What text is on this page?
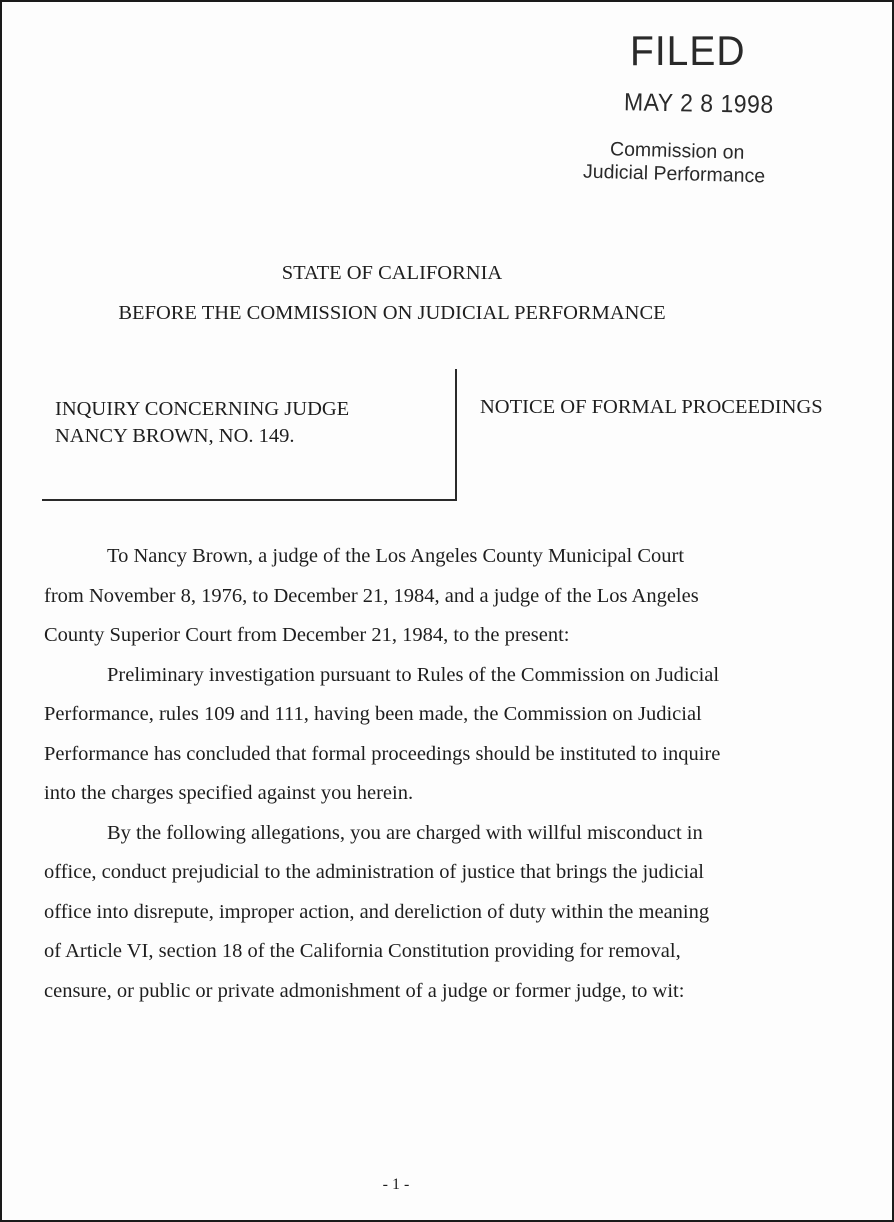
FILED
MAY 2 8 1998
Commission on
Judicial Performance
STATE OF CALIFORNIA
BEFORE THE COMMISSION ON JUDICIAL PERFORMANCE
INQUIRY CONCERNING JUDGE
NANCY BROWN, NO. 149.
NOTICE OF FORMAL PROCEEDINGS

To Nancy Brown, a judge of the Los Angeles County Municipal Court from November 8, 1976, to December 21, 1984, and a judge of the Los Angeles County Superior Court from December 21, 1984, to the present:

Preliminary investigation pursuant to Rules of the Commission on Judicial Performance, rules 109 and 111, having been made, the Commission on Judicial Performance has concluded that formal proceedings should be instituted to inquire into the charges specified against you herein.

By the following allegations, you are charged with willful misconduct in office, conduct prejudicial to the administration of justice that brings the judicial office into disrepute, improper action, and dereliction of duty within the meaning of Article VI, section 18 of the California Constitution providing for removal, censure, or public or private admonishment of a judge or former judge, to wit:

- 1 -
